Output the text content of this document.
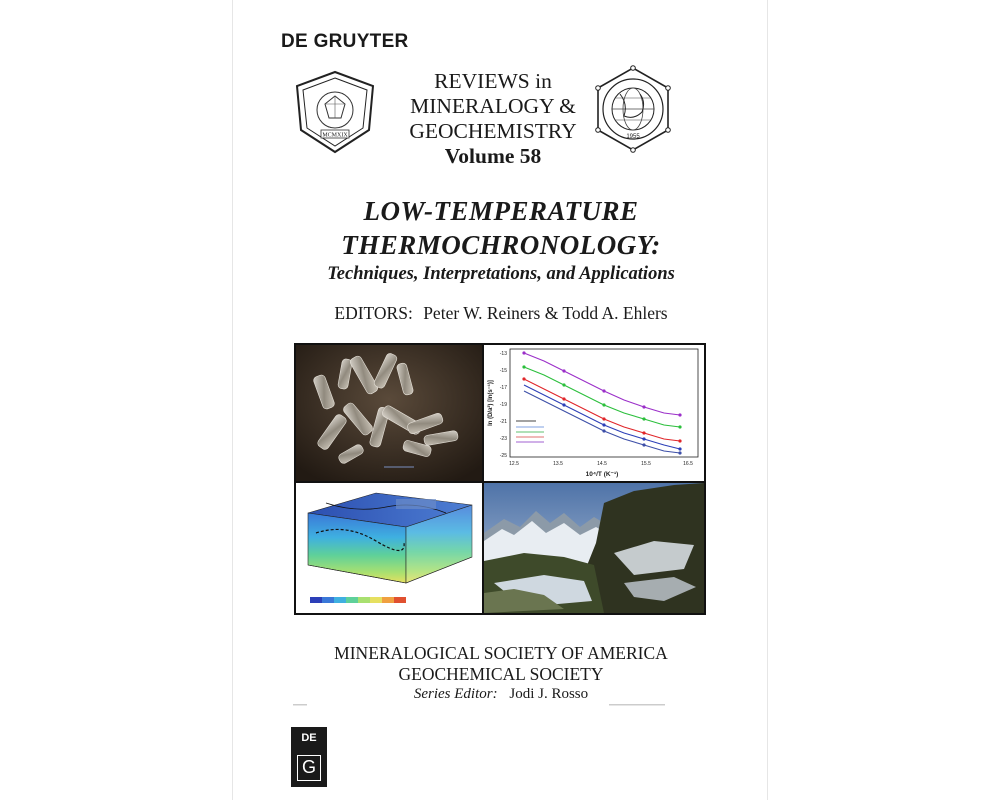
DE GRUYTER
MCMXIX
REVIEWS in
MINERALOGY &
GEOCHEMISTRY
Volume 58
1955
LOW-TEMPERATURE
THERMOCHRONOLOGY:
Techniques, Interpretations, and Applications
EDITORS: Peter W. Reiners & Todd A. Ehlers
-13
-15
-17
-19
-21
-23
-25
12.5	13.5	14.5	15.5	16.5
10⁴/T (K⁻¹)
ln (D/a²) [ln(s⁻¹)]
MINERALOGICAL SOCIETY OF AMERICA
GEOCHEMICAL SOCIETY
Series Editor: Jodi J. Rosso
DE
G
